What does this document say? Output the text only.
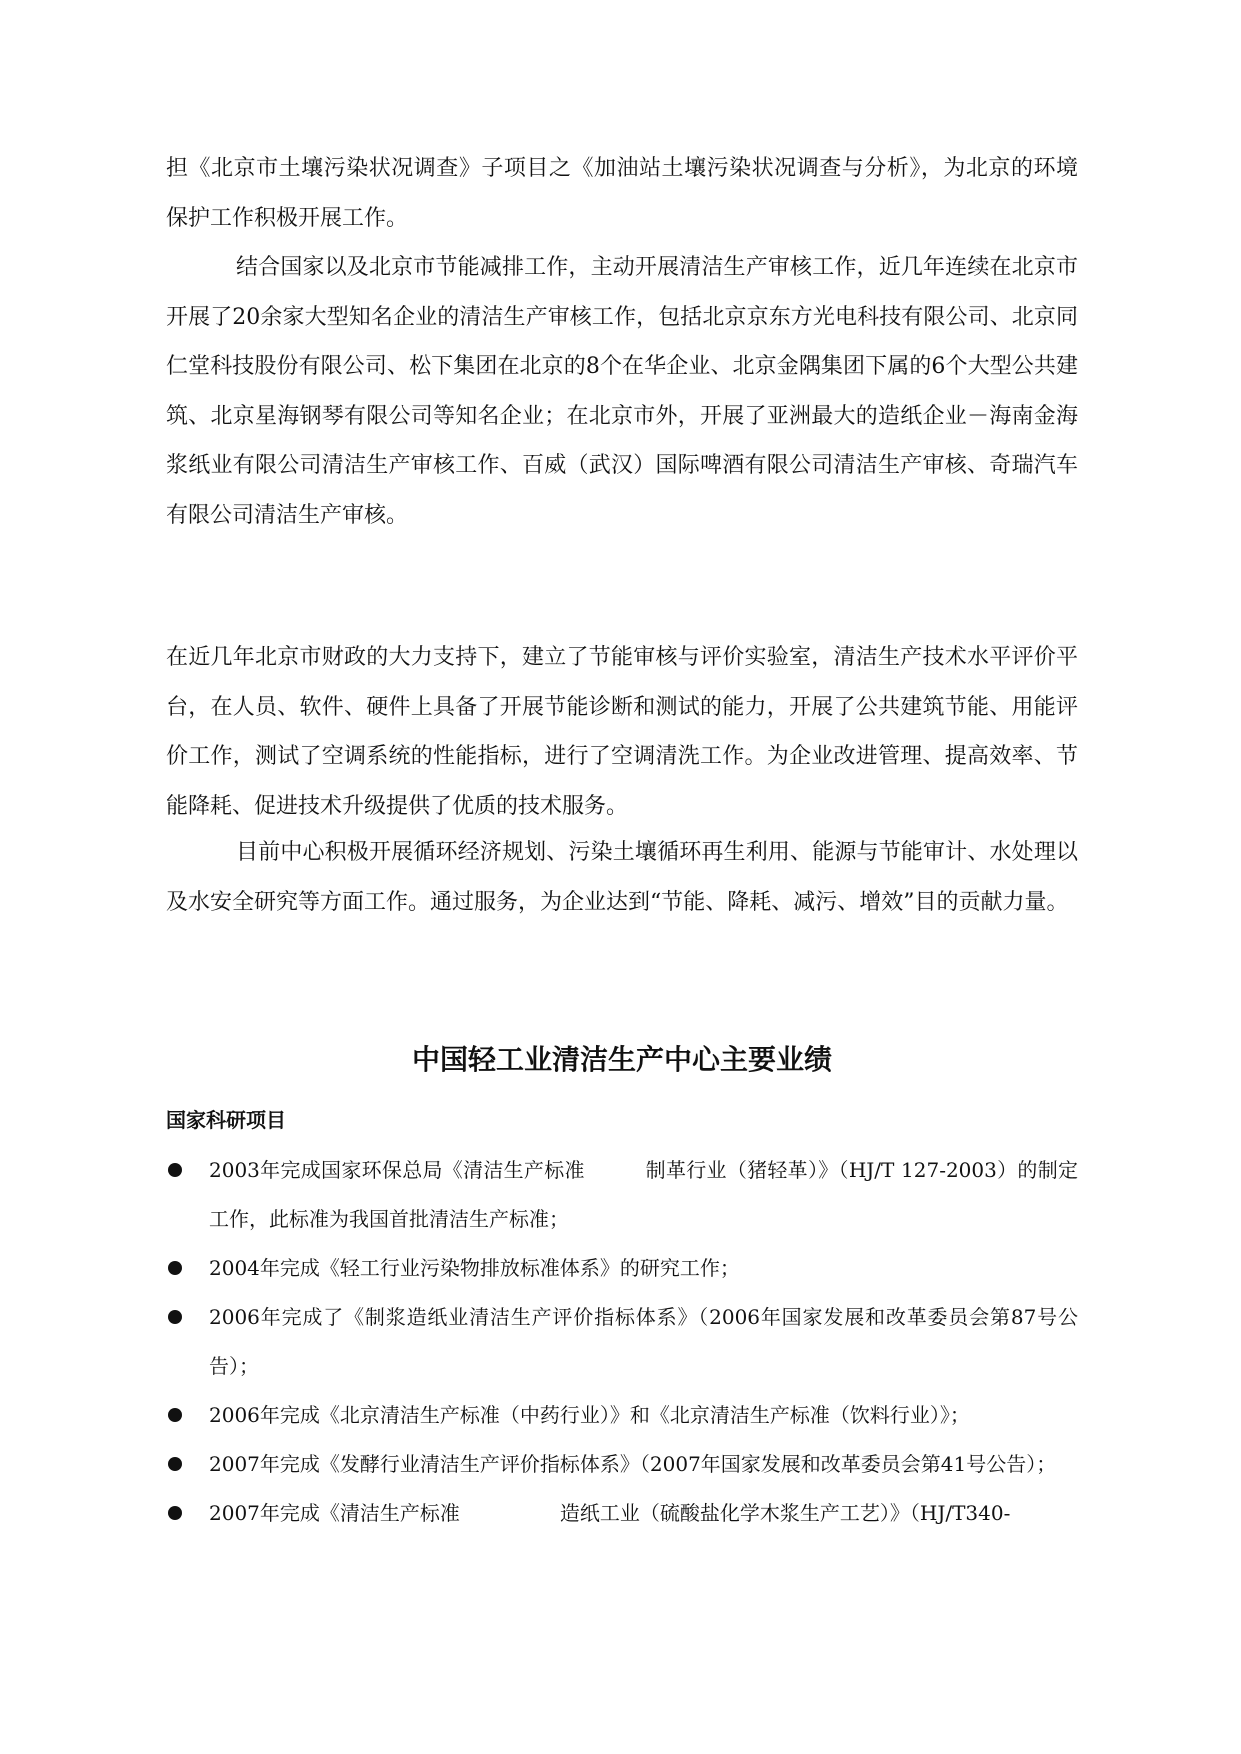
担《北京市土壤污染状况调查》子项目之《加油站土壤污染状况调查与分析》，为北京的环境保护工作积极开展工作。

结合国家以及北京市节能减排工作，主动开展清洁生产审核工作，近几年连续在北京市开展了20余家大型知名企业的清洁生产审核工作，包括北京京东方光电科技有限公司、北京同仁堂科技股份有限公司、松下集团在北京的8个在华企业、北京金隅集团下属的6个大型公共建筑、北京星海钢琴有限公司等知名企业；在北京市外，开展了亚洲最大的造纸企业－海南金海浆纸业有限公司清洁生产审核工作、百威（武汉）国际啤酒有限公司清洁生产审核、奇瑞汽车有限公司清洁生产审核。

在近几年北京市财政的大力支持下，建立了节能审核与评价实验室，清洁生产技术水平评价平台，在人员、软件、硬件上具备了开展节能诊断和测试的能力，开展了公共建筑节能、用能评价工作，测试了空调系统的性能指标，进行了空调清洗工作。为企业改进管理、提高效率、节能降耗、促进技术升级提供了优质的技术服务。

目前中心积极开展循环经济规划、污染土壤循环再生利用、能源与节能审计、水处理以及水安全研究等方面工作。通过服务，为企业达到“节能、降耗、减污、增效”目的贡献力量。

中国轻工业清洁生产中心主要业绩
国家科研项目
2003年完成国家环保总局《清洁生产标准　　　制革行业（猪轻革）》（HJ/T 127-2003）的制定工作，此标准为我国首批清洁生产标准；
2004年完成《轻工行业污染物排放标准体系》的研究工作；
2006年完成了《制浆造纸业清洁生产评价指标体系》（2006年国家发展和改革委员会第87号公告）；
2006年完成《北京清洁生产标准（中药行业）》和《北京清洁生产标准（饮料行业）》；
2007年完成《发酵行业清洁生产评价指标体系》（2007年国家发展和改革委员会第41号公告）；
2007年完成《清洁生产标准　　　　　造纸工业（硫酸盐化学木浆生产工艺）》（HJ/T340-
